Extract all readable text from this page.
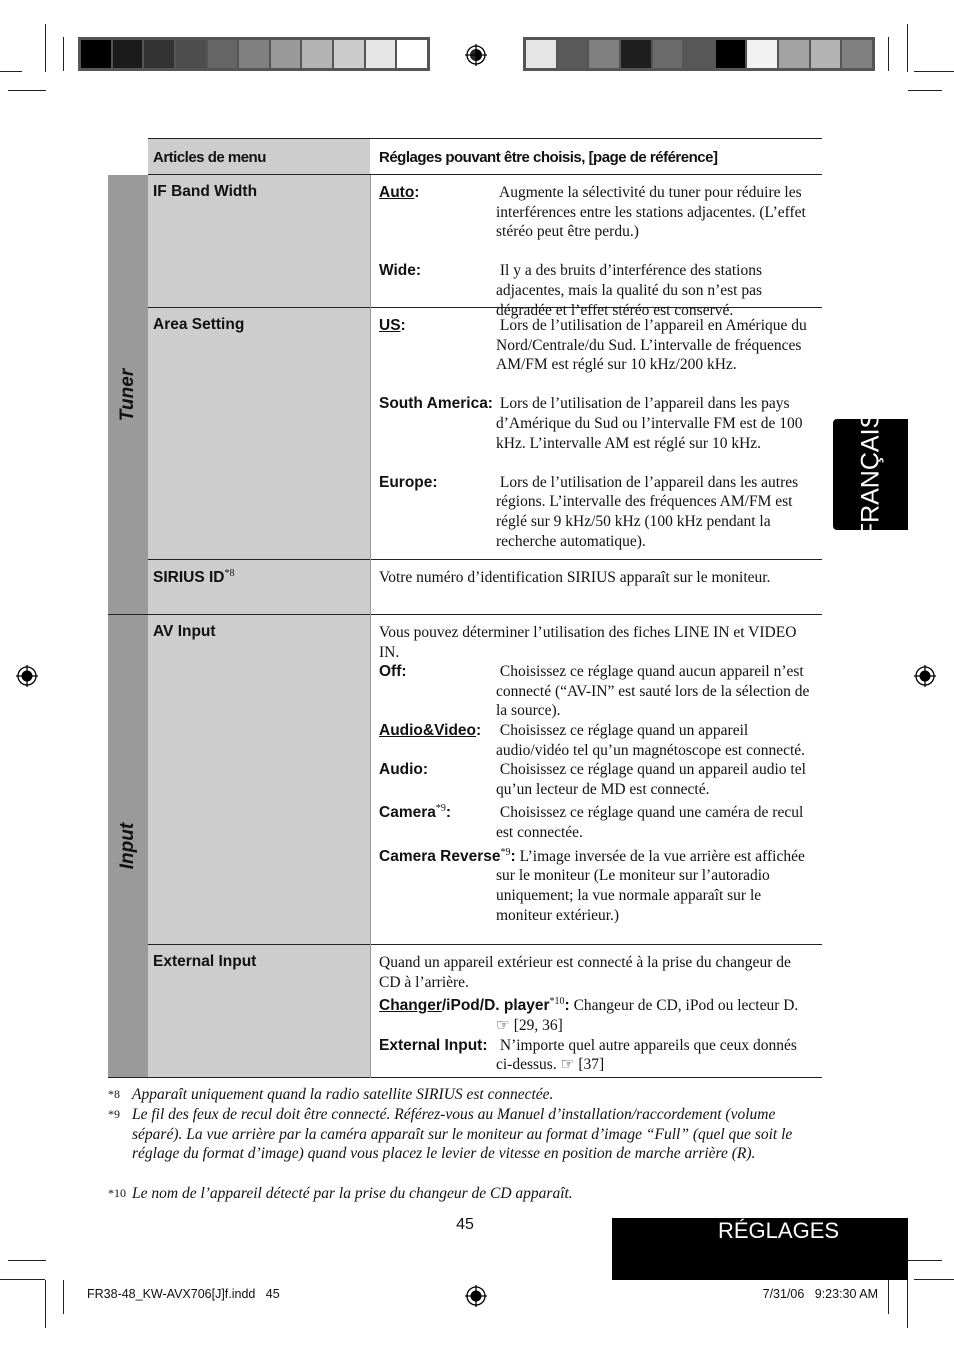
Articles de menu	Réglages pouvant être choisis, [page de référence]
Tuner
Input
IF Band Width	Auto:	Augmente la sélectivité du tuner pour réduire les interférences entre les stations adjacentes. (L’effet stéréo peut être perdu.)
Wide:	Il y a des bruits d’interférence des stations adjacentes, mais la qualité du son n’est pas dégradée et l’effet stéréo est conservé.
Area Setting	US:	Lors de l’utilisation de l’appareil en Amérique du Nord/Centrale/du Sud. L’intervalle de fréquences AM/FM est réglé sur 10 kHz/200 kHz.
South America: Lors de l’utilisation de l’appareil dans les pays d’Amérique du Sud ou l’intervalle FM est de 100 kHz. L’intervalle AM est réglé sur 10 kHz.
Europe:	Lors de l’utilisation de l’appareil dans les autres régions. L’intervalle des fréquences AM/FM est réglé sur 9 kHz/50 kHz (100 kHz pendant la recherche automatique).
SIRIUS ID$^{*8}$	Votre numéro d’identification SIRIUS apparaît sur le moniteur.
AV Input	Vous pouvez déterminer l’utilisation des fiches LINE IN et VIDEO IN.
Off:	Choisissez ce réglage quand aucun appareil n’est connecté (“AV-IN” est sauté lors de la sélection de la source).
Audio&Video: Choisissez ce réglage quand un appareil audio/vidéo tel qu’un magnétoscope est connecté.
Audio:	Choisissez ce réglage quand un appareil audio tel qu’un lecteur de MD est connecté.
Camera$^{*9}$:	Choisissez ce réglage quand une caméra de recul est connectée.
Camera Reverse$^{*9}$: L’image inversée de la vue arrière est affichée sur le moniteur (Le moniteur sur l’autoradio uniquement; la vue normale apparaît sur le moniteur extérieur.)
External Input	Quand un appareil extérieur est connecté à la prise du changeur de CD à l’arrière.
Changer/iPod/D. player$^{*10}$: Changeur de CD, iPod ou lecteur D. ☞ [29, 36]
External Input: N’importe quel autre appareils que ceux donnés ci-dessus. ☞ [37]
*8 Apparaît uniquement quand la radio satellite SIRIUS est connectée.
*9 Le fil des feux de recul doit être connecté. Référez-vous au Manuel d’installation/raccordement (volume séparé). La vue arrière par la caméra apparaît sur le moniteur au format d’image “Full” (quel que soit le réglage du format d’image) quand vous placez le levier de vitesse en position de marche arrière (R).
*10 Le nom de l’appareil détecté par la prise du changeur de CD apparaît.
45
FRANÇAIS
RÉGLAGES
FR38-48_KW-AVX706[J]f.indd   45	7/31/06   9:23:30 AM
